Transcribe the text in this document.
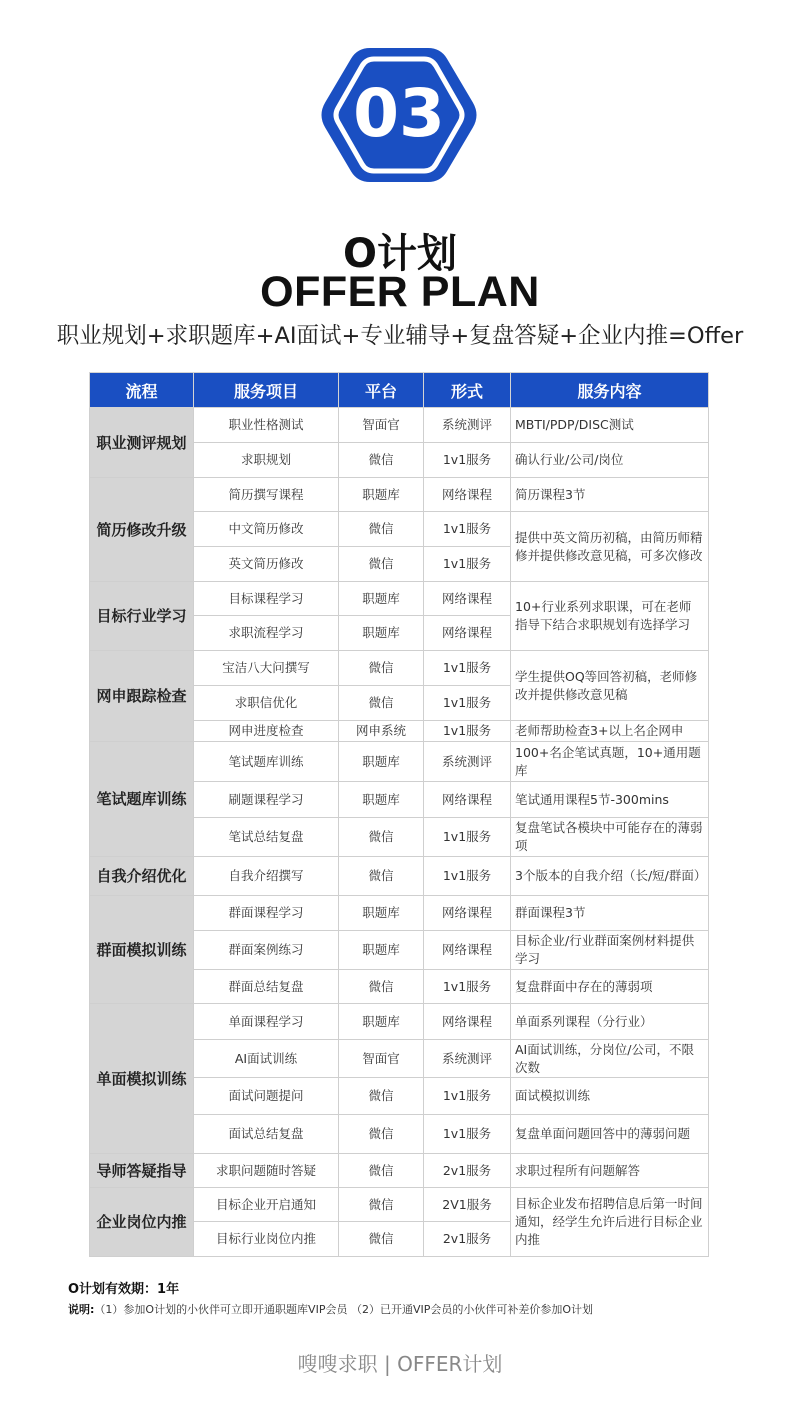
03
O计划
OFFER PLAN
职业规划+求职题库+AI面试+专业辅导+复盘答疑+企业内推=Offer
流程	服务项目	平台	形式	服务内容
职业测评规划	职业性格测试	智面官	系统测评	MBTI/PDP/DISC测试
	求职规划	微信	1v1服务	确认行业/公司/岗位
简历修改升级	简历撰写课程	职题库	网络课程	简历课程3节
	中文简历修改	微信	1v1服务	提供中英文简历初稿，由简历师精修并提供修改意见稿，可多次修改
	英文简历修改	微信	1v1服务	
目标行业学习	目标课程学习	职题库	网络课程	10+行业系列求职课，可在老师指导下结合求职规划有选择学习
	求职流程学习	职题库	网络课程	
网申跟踪检查	宝洁八大问撰写	微信	1v1服务	学生提供OQ等回答初稿，老师修改并提供修改意见稿
	求职信优化	微信	1v1服务	
	网申进度检查	网申系统	1v1服务	老师帮助检查3+以上名企网申
笔试题库训练	笔试题库训练	职题库	系统测评	100+名企笔试真题，10+通用题库
	刷题课程学习	职题库	网络课程	笔试通用课程5节-300mins
	笔试总结复盘	微信	1v1服务	复盘笔试各模块中可能存在的薄弱项
自我介绍优化	自我介绍撰写	微信	1v1服务	3个版本的自我介绍（长/短/群面）
群面模拟训练	群面课程学习	职题库	网络课程	群面课程3节
	群面案例练习	职题库	网络课程	目标企业/行业群面案例材料提供学习
	群面总结复盘	微信	1v1服务	复盘群面中存在的薄弱项
单面模拟训练	单面课程学习	职题库	网络课程	单面系列课程（分行业）
	AI面试训练	智面官	系统测评	AI面试训练，分岗位/公司，不限次数
	面试问题提问	微信	1v1服务	面试模拟训练
	面试总结复盘	微信	1v1服务	复盘单面问题回答中的薄弱问题
导师答疑指导	求职问题随时答疑	微信	2v1服务	求职过程所有问题解答
企业岗位内推	目标企业开启通知	微信	2V1服务	目标企业发布招聘信息后第一时间通知，经学生允许后进行目标企业内推
	目标行业岗位内推	微信	2v1服务	
O计划有效期：1年
说明:（1）参加O计划的小伙伴可立即开通职题库VIP会员 （2）已开通VIP会员的小伙伴可补差价参加O计划
嗖嗖求职 | OFFER计划
